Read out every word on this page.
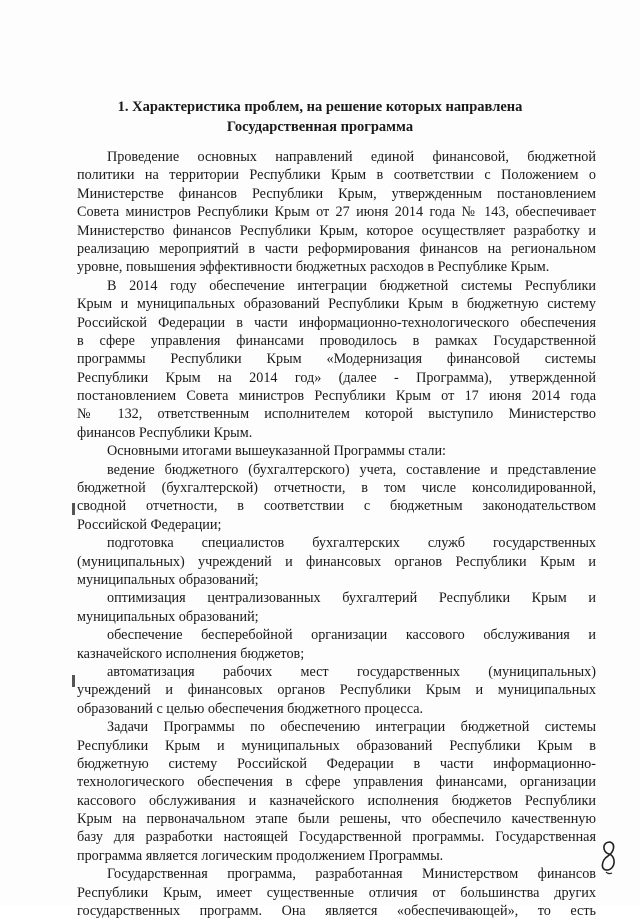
1. Характеристика проблем, на решение которых направлена
Государственная программа
Проведение основных направлений единой финансовой, бюджетной
политики на территории Республики Крым в соответствии с Положением о
Министерстве финансов Республики Крым, утвержденным постановлением
Совета министров Республики Крым от 27 июня 2014 года № 143, обеспечивает
Министерство финансов Республики Крым, которое осуществляет разработку и
реализацию мероприятий в части реформирования финансов на региональном
уровне, повышения эффективности бюджетных расходов в Республике Крым.
В 2014 году обеспечение интеграции бюджетной системы Республики
Крым и муниципальных образований Республики Крым в бюджетную систему
Российской Федерации в части информационно-технологического обеспечения
в сфере управления финансами проводилось в рамках Государственной
программы Республики Крым «Модернизация финансовой системы
Республики Крым на 2014 год» (далее - Программа), утвержденной
постановлением Совета министров Республики Крым от 17 июня 2014 года
№ 132, ответственным исполнителем которой выступило Министерство
финансов Республики Крым.
Основными итогами вышеуказанной Программы стали:
ведение бюджетного (бухгалтерского) учета, составление и представление
бюджетной (бухгалтерской) отчетности, в том числе консолидированной,
сводной отчетности, в соответствии с бюджетным законодательством
Российской Федерации;
подготовка специалистов бухгалтерских служб государственных
(муниципальных) учреждений и финансовых органов Республики Крым и
муниципальных образований;
оптимизация централизованных бухгалтерий Республики Крым и
муниципальных образований;
обеспечение бесперебойной организации кассового обслуживания и
казначейского исполнения бюджетов;
автоматизация рабочих мест государственных (муниципальных)
учреждений и финансовых органов Республики Крым и муниципальных
образований с целью обеспечения бюджетного процесса.
Задачи Программы по обеспечению интеграции бюджетной системы
Республики Крым и муниципальных образований Республики Крым в
бюджетную систему Российской Федерации в части информационно-
технологического обеспечения в сфере управления финансами, организации
кассового обслуживания и казначейского исполнения бюджетов Республики
Крым на первоначальном этапе были решены, что обеспечило качественную
базу для разработки настоящей Государственной программы. Государственная
программа является логическим продолжением Программы.
Государственная программа, разработанная Министерством финансов
Республики Крым, имеет существенные отличия от большинства других
государственных программ. Она является «обеспечивающей», то есть
